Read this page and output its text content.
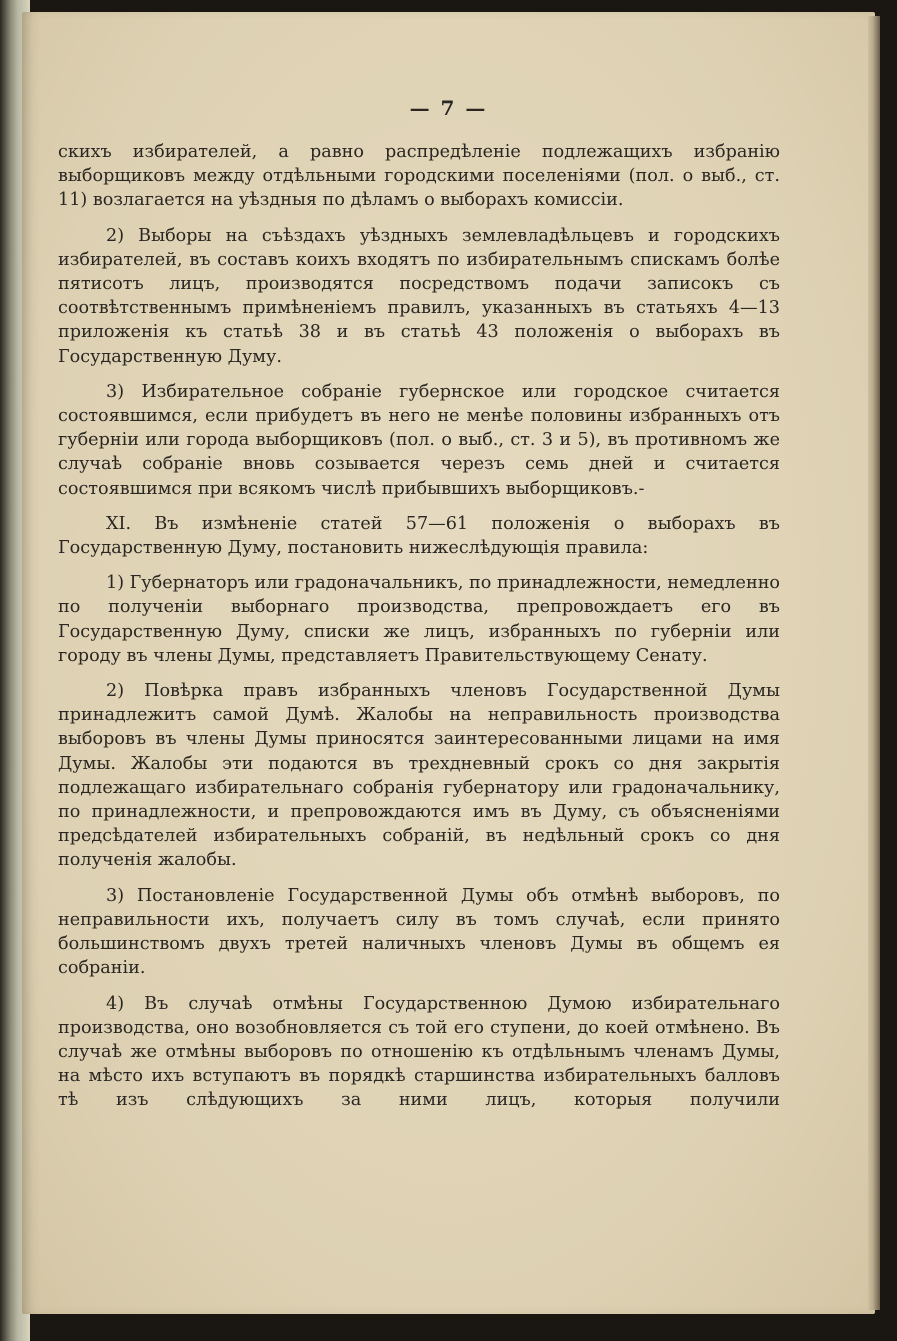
— 7 —

скихъ избирателей, а равно распредѣленіе подлежащихъ избранію выборщиковъ между отдѣльными городскими поселеніями (пол. о выб., ст. 11) возлагается на уѣздныя по дѣламъ о выборахъ комиссіи.

2) Выборы на съѣздахъ уѣздныхъ землевладѣльцевъ и городскихъ избирателей, въ составъ коихъ входятъ по избирательнымъ спискамъ болѣе пятисотъ лицъ, производятся посредствомъ подачи записокъ съ соотвѣтственнымъ примѣненіемъ правилъ, указанныхъ въ статьяхъ 4—13 приложенія къ статьѣ 38 и въ статьѣ 43 положенія о выборахъ въ Государственную Думу.

3) Избирательное собраніе губернское или городское считается состоявшимся, если прибудетъ въ него не менѣе половины избранныхъ отъ губерніи или города выборщиковъ (пол. о выб., ст. 3 и 5), въ противномъ же случаѣ собраніе вновь созывается черезъ семь дней и считается состоявшимся при всякомъ числѣ прибывшихъ выборщиковъ.-

XI. Въ измѣненіе статей 57—61 положенія о выборахъ въ Государственную Думу, постановить нижеслѣдующія правила:

1) Губернаторъ или градоначальникъ, по принадлежности, немедленно по полученіи выборнаго производства, препровождаетъ его въ Государственную Думу, списки же лицъ, избранныхъ по губерніи или городу въ члены Думы, представляетъ Правительствующему Сенату.

2) Повѣрка правъ избранныхъ членовъ Государственной Думы принадлежитъ самой Думѣ. Жалобы на неправильность производства выборовъ въ члены Думы приносятся заинтересованными лицами на имя Думы. Жалобы эти подаются въ трехдневный срокъ со дня закрытія подлежащаго избирательнаго собранія губернатору или градоначальнику, по принадлежности, и препровождаются имъ въ Думу, съ объясненіями предсѣдателей избирательныхъ собраній, въ недѣльный срокъ со дня полученія жалобы.

3) Постановленіе Государственной Думы объ отмѣнѣ выборовъ, по неправильности ихъ, получаетъ силу въ томъ случаѣ, если принято большинствомъ двухъ третей наличныхъ членовъ Думы въ общемъ ея собраніи.

4) Въ случаѣ отмѣны Государственною Думою избирательнаго производства, оно возобновляется съ той его ступени, до коей отмѣнено. Въ случаѣ же отмѣны выборовъ по отношенію къ отдѣльнымъ членамъ Думы, на мѣсто ихъ вступаютъ въ порядкѣ старшинства избирательныхъ балловъ тѣ изъ слѣдующихъ за ними лицъ, которыя получили
